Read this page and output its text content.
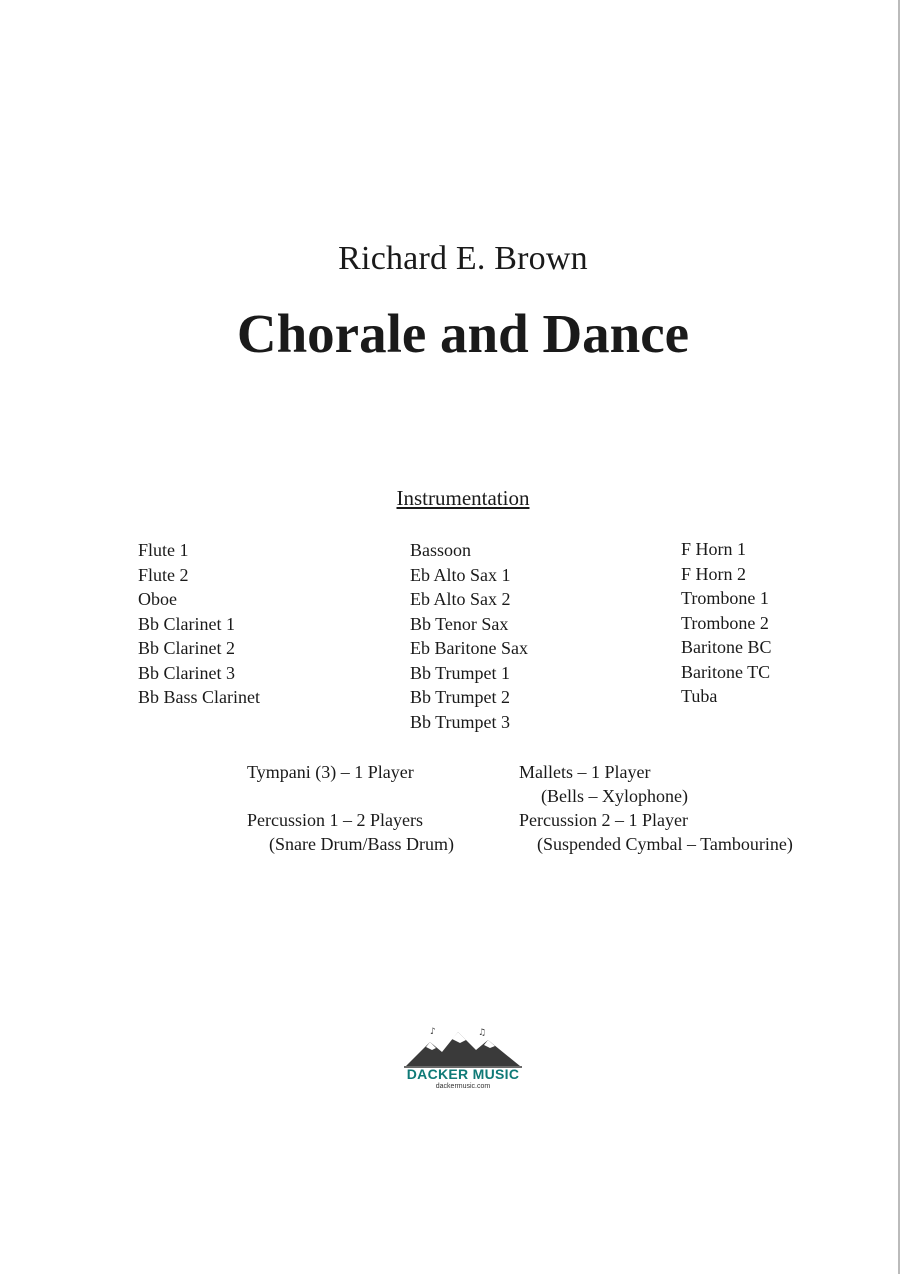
Richard E. Brown
Chorale and Dance
Instrumentation
Flute 1
Flute 2
Oboe
Bb Clarinet 1
Bb Clarinet 2
Bb Clarinet 3
Bb Bass Clarinet
Bassoon
Eb Alto Sax 1
Eb Alto Sax 2
Bb Tenor Sax
Eb Baritone Sax
Bb Trumpet 1
Bb Trumpet 2
Bb Trumpet 3
F Horn 1
F Horn 2
Trombone 1
Trombone 2
Baritone BC
Baritone TC
Tuba
Tympani (3) – 1 Player	Mallets – 1 Player
(Bells – Xylophone)
Percussion 1 – 2 Players
(Snare Drum/Bass Drum)
Percussion 2 – 1 Player
(Suspended Cymbal – Tambourine)
♪	♫
DACKER MUSIC
dackermusic.com
